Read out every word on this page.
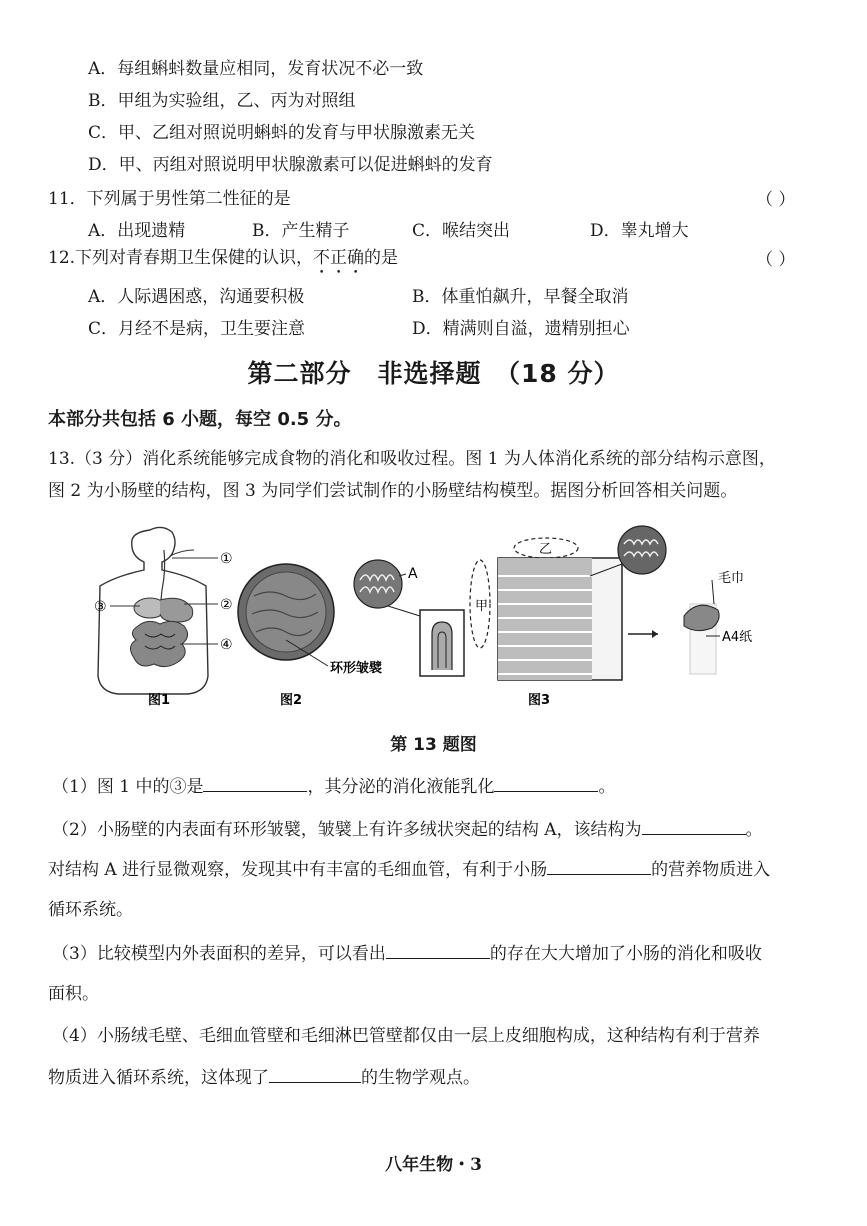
A．每组蝌蚪数量应相同，发育状况不必一致
B．甲组为实验组，乙、丙为对照组
C．甲、乙组对照说明蝌蚪的发育与甲状腺激素无关
D．甲、丙组对照说明甲状腺激素可以促进蝌蚪的发育
11．下列属于男性第二性征的是	（ ）
A．出现遗精	B．产生精子	C．喉结突出	D．睾丸增大
12.下列对青春期卫生保健的认识，不正确的是	（ ）
A．人际遇困惑，沟通要积极	B．体重怕飙升，早餐全取消
C．月经不是病，卫生要注意	D．精满则自溢，遗精别担心
第二部分　非选择题　（18 分）
本部分共包括 6 小题，每空 0.5 分。
13.（3 分）消化系统能够完成食物的消化和吸收过程。图 1 为人体消化系统的部分结构示意图，
图 2 为小肠壁的结构，图 3 为同学们尝试制作的小肠壁结构模型。据图分析回答相关问题。
①
②
③
④
图1
A
环形皱襞
图2
甲
乙
毛巾
A4纸
图3
第 13 题图
（1）图 1 中的③是	，其分泌的消化液能乳化	。
（2）小肠壁的内表面有环形皱襞，皱襞上有许多绒状突起的结构 A，该结构为	。
对结构 A 进行显微观察，发现其中有丰富的毛细血管，有利于小肠	的营养物质进入
循环系统。
（3）比较模型内外表面积的差异，可以看出	的存在大大增加了小肠的消化和吸收
面积。
（4）小肠绒毛壁、毛细血管壁和毛细淋巴管壁都仅由一层上皮细胞构成，这种结构有利于营养
物质进入循环系统，这体现了	的生物学观点。
八年生物・3
